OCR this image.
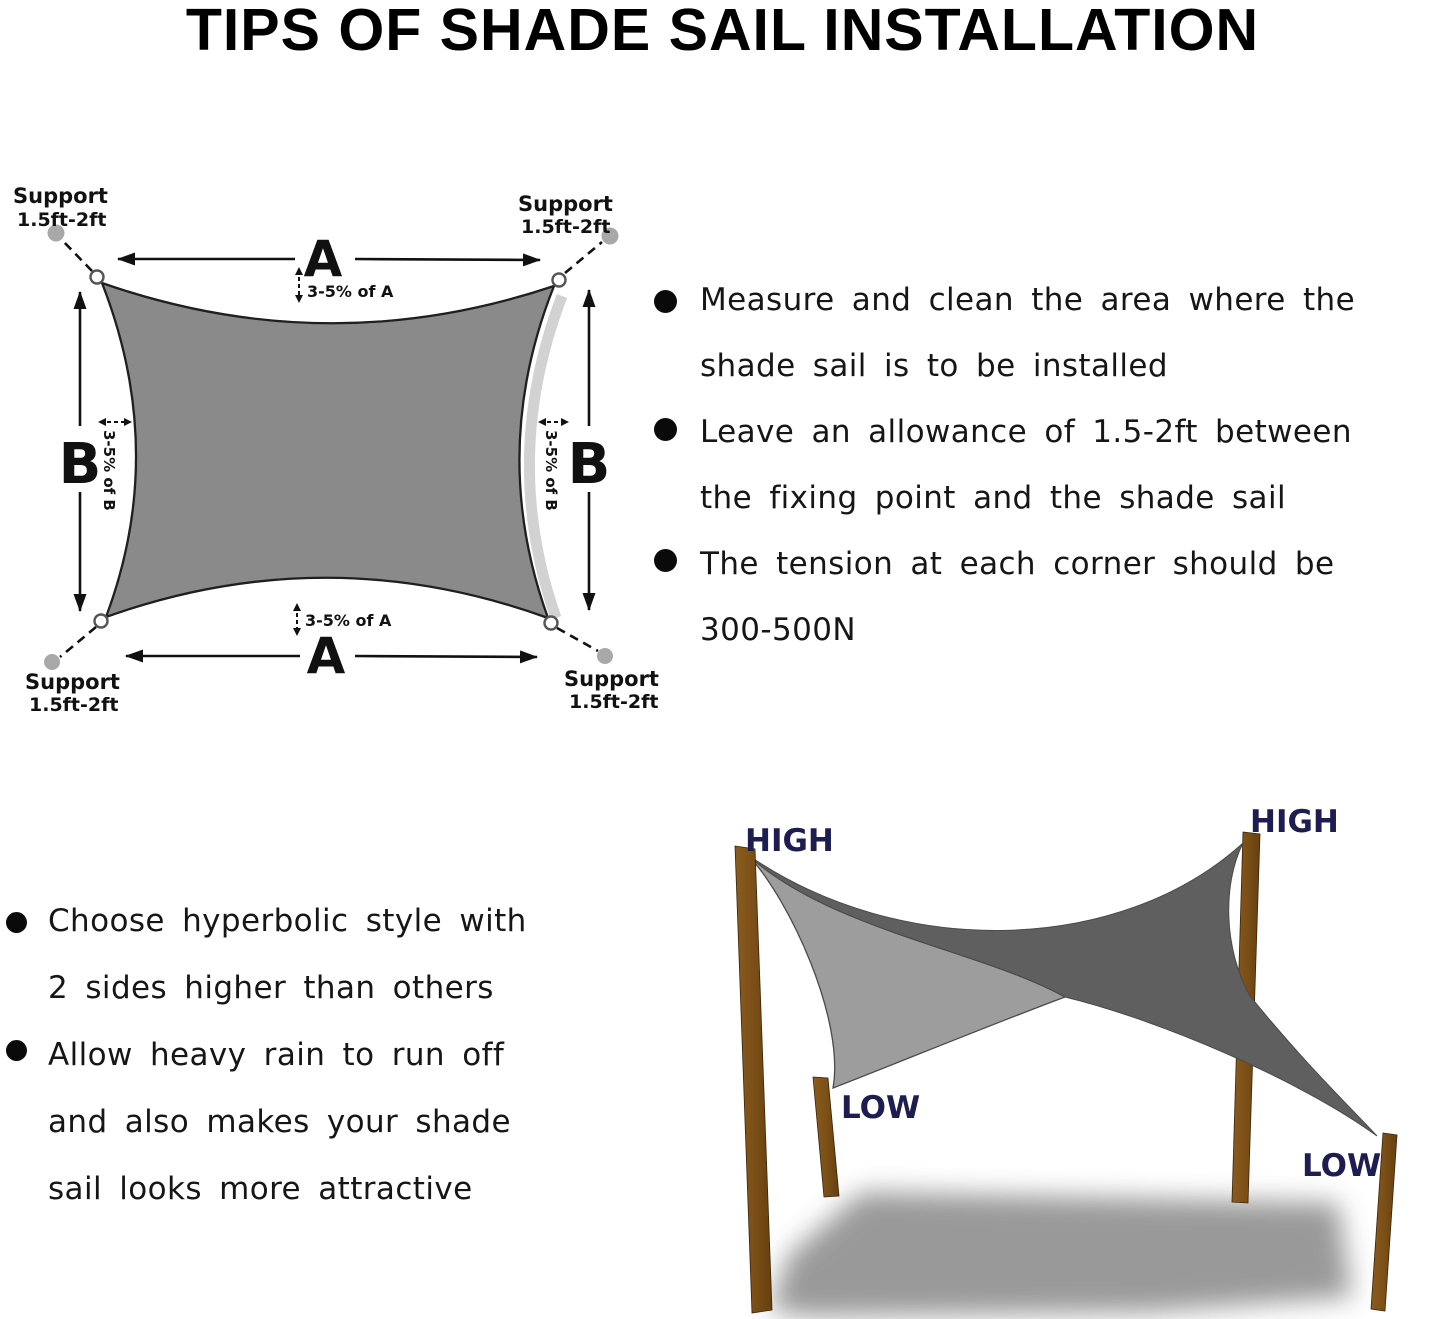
TIPS OF SHADE SAIL INSTALLATION
Support
1.5ft-2ft
Support
1.5ft-2ft
Support
1.5ft-2ft
Support
1.5ft-2ft
A
A
B	B
3-5% of A
3-5% of A
3-5% of B	3-5% of B
Measure and clean the area where the
shade sail is to be installed
Leave an allowance of 1.5-2ft between
the fixing point and the shade sail
The tension at each corner should be
300-500N
Choose hyperbolic style with
2 sides higher than others
Allow heavy rain to run off
and also makes your shade
sail looks more attractive
HIGH
HIGH
LOW
LOW
